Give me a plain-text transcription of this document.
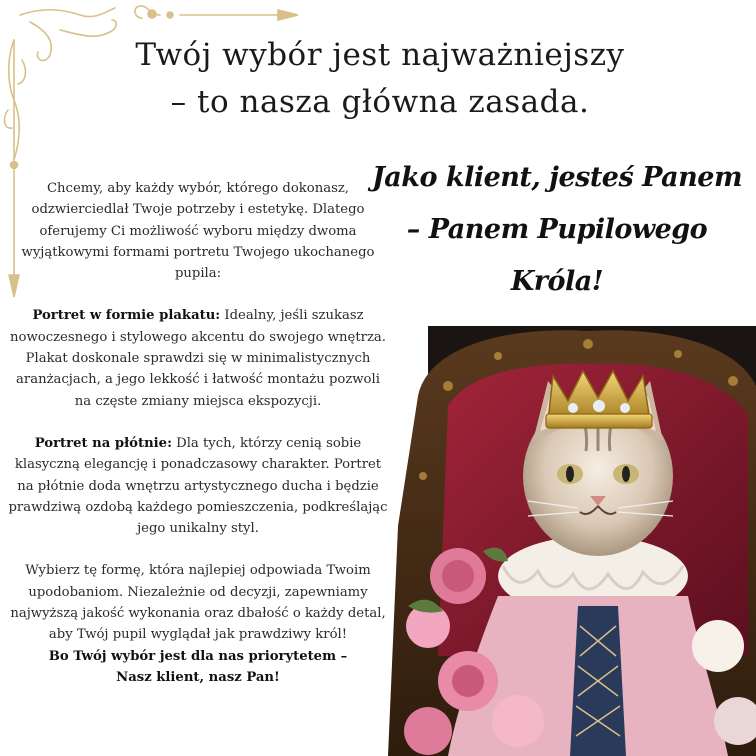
Twój wybór jest najważniejszy
– to nasza główna zasada.
Jako klient, jesteś Panem
– Panem Pupilowego
Króla!

Chcemy, aby każdy wybór, którego dokonasz, odzwierciedlał Twoje potrzeby i estetykę. Dlatego oferujemy Ci możliwość wyboru między dwoma wyjątkowymi formami portretu Twojego ukochanego pupila:

Portret w formie plakatu: Idealny, jeśli szukasz nowoczesnego i stylowego akcentu do swojego wnętrza. Plakat doskonale sprawdzi się w minimalistycznych aranżacjach, a jego lekkość i łatwość montażu pozwoli na częste zmiany miejsca ekspozycji.

Portret na płótnie: Dla tych, którzy cenią sobie klasyczną elegancję i ponadczasowy charakter. Portret na płótnie doda wnętrzu artystycznego ducha i będzie prawdziwą ozdobą każdego pomieszczenia, podkreślając jego unikalny styl.

Wybierz tę formę, która najlepiej odpowiada Twoim upodobaniom. Niezależnie od decyzji, zapewniamy najwyższą jakość wykonania oraz dbałość o każdy detal, aby Twój pupil wyglądał jak prawdziwy król!

Bo Twój wybór jest dla nas priorytetem –

Nasz klient, nasz Pan!
